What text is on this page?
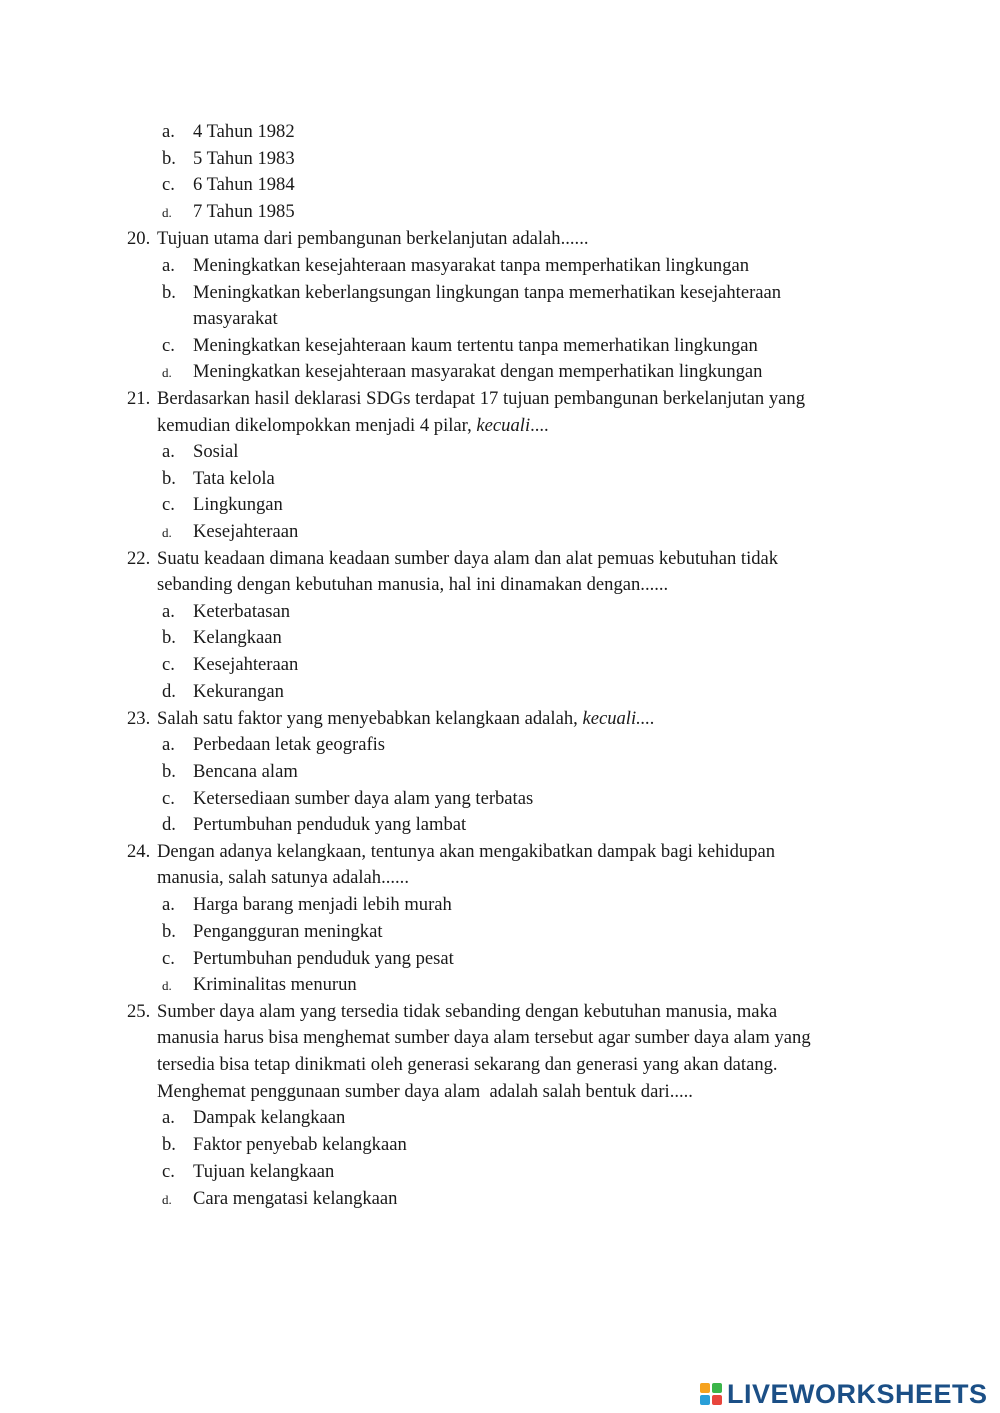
a. 4 Tahun 1982
b. 5 Tahun 1983
c. 6 Tahun 1984
d. 7 Tahun 1985
20. Tujuan utama dari pembangunan berkelanjutan adalah......
a. Meningkatkan kesejahteraan masyarakat tanpa memperhatikan lingkungan
b. Meningkatkan keberlangsungan lingkungan tanpa memerhatikan kesejahteraan
masyarakat
c. Meningkatkan kesejahteraan kaum tertentu tanpa memerhatikan lingkungan
d. Meningkatkan kesejahteraan masyarakat dengan memperhatikan lingkungan
21. Berdasarkan hasil deklarasi SDGs terdapat 17 tujuan pembangunan berkelanjutan yang
kemudian dikelompokkan menjadi 4 pilar, kecuali....
a. Sosial
b. Tata kelola
c. Lingkungan
d. Kesejahteraan
22. Suatu keadaan dimana keadaan sumber daya alam dan alat pemuas kebutuhan tidak
sebanding dengan kebutuhan manusia, hal ini dinamakan dengan......
a. Keterbatasan
b. Kelangkaan
c. Kesejahteraan
d. Kekurangan
23. Salah satu faktor yang menyebabkan kelangkaan adalah, kecuali....
a. Perbedaan letak geografis
b. Bencana alam
c. Ketersediaan sumber daya alam yang terbatas
d. Pertumbuhan penduduk yang lambat
24. Dengan adanya kelangkaan, tentunya akan mengakibatkan dampak bagi kehidupan
manusia, salah satunya adalah......
a. Harga barang menjadi lebih murah
b. Pengangguran meningkat
c. Pertumbuhan penduduk yang pesat
d. Kriminalitas menurun
25. Sumber daya alam yang tersedia tidak sebanding dengan kebutuhan manusia, maka
manusia harus bisa menghemat sumber daya alam tersebut agar sumber daya alam yang
tersedia bisa tetap dinikmati oleh generasi sekarang dan generasi yang akan datang.
Menghemat penggunaan sumber daya alam  adalah salah bentuk dari.....
a. Dampak kelangkaan
b. Faktor penyebab kelangkaan
c. Tujuan kelangkaan
d. Cara mengatasi kelangkaan
LIVEWORKSHEETS
